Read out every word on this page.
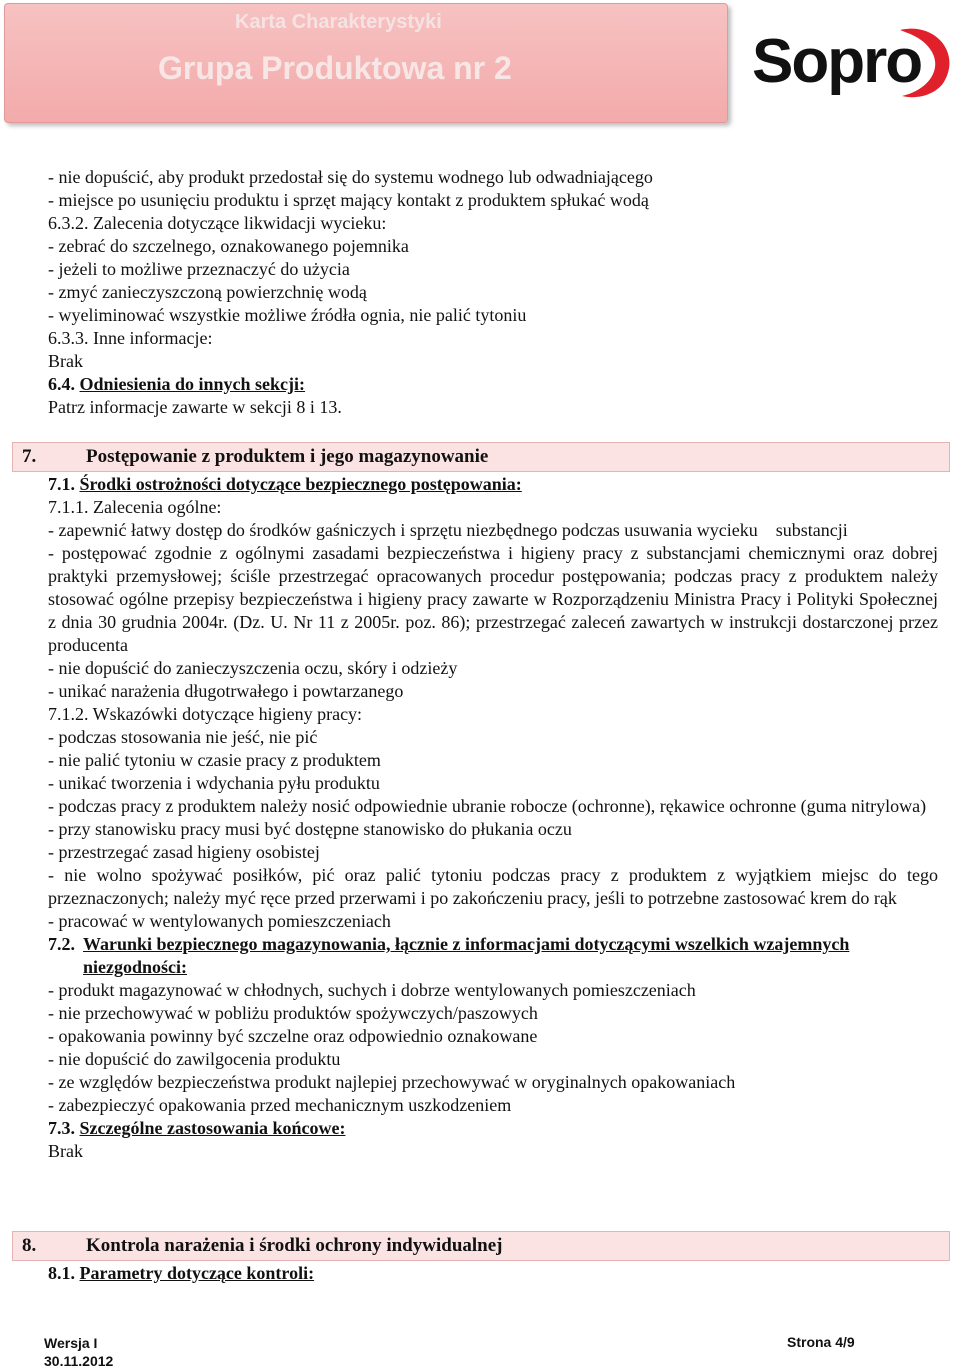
Karta Charakterystyki
Grupa Produktowa nr 2	Sopro
- nie dopuścić, aby produkt przedostał się do systemu wodnego lub odwadniającego
- miejsce po usunięciu produktu i sprzęt mający kontakt z produktem spłukać wodą
6.3.2. Zalecenia dotyczące likwidacji wycieku:
- zebrać do szczelnego, oznakowanego pojemnika
- jeżeli to możliwe przeznaczyć do użycia
- zmyć zanieczyszczoną powierzchnię wodą
- wyeliminować wszystkie możliwe źródła ognia, nie palić tytoniu
6.3.3. Inne informacje:
Brak
6.4. Odniesienia do innych sekcji:
Patrz informacje zawarte w sekcji 8 i 13.
7.	Postępowanie z produktem i jego magazynowanie
7.1. Środki ostrożności dotyczące bezpiecznego postępowania:
7.1.1. Zalecenia ogólne:
- zapewnić łatwy dostęp do środków gaśniczych i sprzętu niezbędnego podczas usuwania wycieku    substancji
- postępować zgodnie z ogólnymi zasadami bezpieczeństwa i higieny pracy z substancjami chemicznymi oraz dobrej praktyki przemysłowej; ściśle przestrzegać opracowanych procedur postępowania; podczas pracy z produktem należy stosować ogólne przepisy bezpieczeństwa i higieny pracy zawarte w Rozporządzeniu Ministra Pracy i Polityki Społecznej z dnia 30 grudnia 2004r. (Dz. U. Nr 11 z 2005r. poz. 86); przestrzegać zaleceń zawartych w instrukcji dostarczonej przez producenta
- nie dopuścić do zanieczyszczenia oczu, skóry i odzieży
- unikać narażenia długotrwałego i powtarzanego
7.1.2. Wskazówki dotyczące higieny pracy:
- podczas stosowania nie jeść, nie pić
- nie palić tytoniu w czasie pracy z produktem
- unikać tworzenia i wdychania pyłu produktu
- podczas pracy z produktem należy nosić odpowiednie ubranie robocze (ochronne), rękawice ochronne (guma nitrylowa)
- przy stanowisku pracy musi być dostępne stanowisko do płukania oczu
- przestrzegać zasad higieny osobistej
- nie wolno spożywać posiłków, pić oraz palić tytoniu podczas pracy z produktem z wyjątkiem miejsc do tego przeznaczonych; należy myć ręce przed przerwami i po zakończeniu pracy, jeśli to potrzebne zastosować krem do rąk
- pracować w wentylowanych pomieszczeniach
7.2. Warunki bezpiecznego magazynowania, łącznie z informacjami dotyczącymi wszelkich wzajemnych niezgodności:
- produkt magazynować w chłodnych, suchych i dobrze wentylowanych pomieszczeniach
- nie przechowywać w pobliżu produktów spożywczych/paszowych
- opakowania powinny być szczelne oraz odpowiednio oznakowane
- nie dopuścić do zawilgocenia produktu
- ze względów bezpieczeństwa produkt najlepiej przechowywać w oryginalnych opakowaniach
- zabezpieczyć opakowania przed mechanicznym uszkodzeniem
7.3. Szczególne zastosowania końcowe:
Brak
8.	Kontrola narażenia i środki ochrony indywidualnej
8.1. Parametry dotyczące kontroli:
Wersja I
30.11.2012
Strona 4/9
